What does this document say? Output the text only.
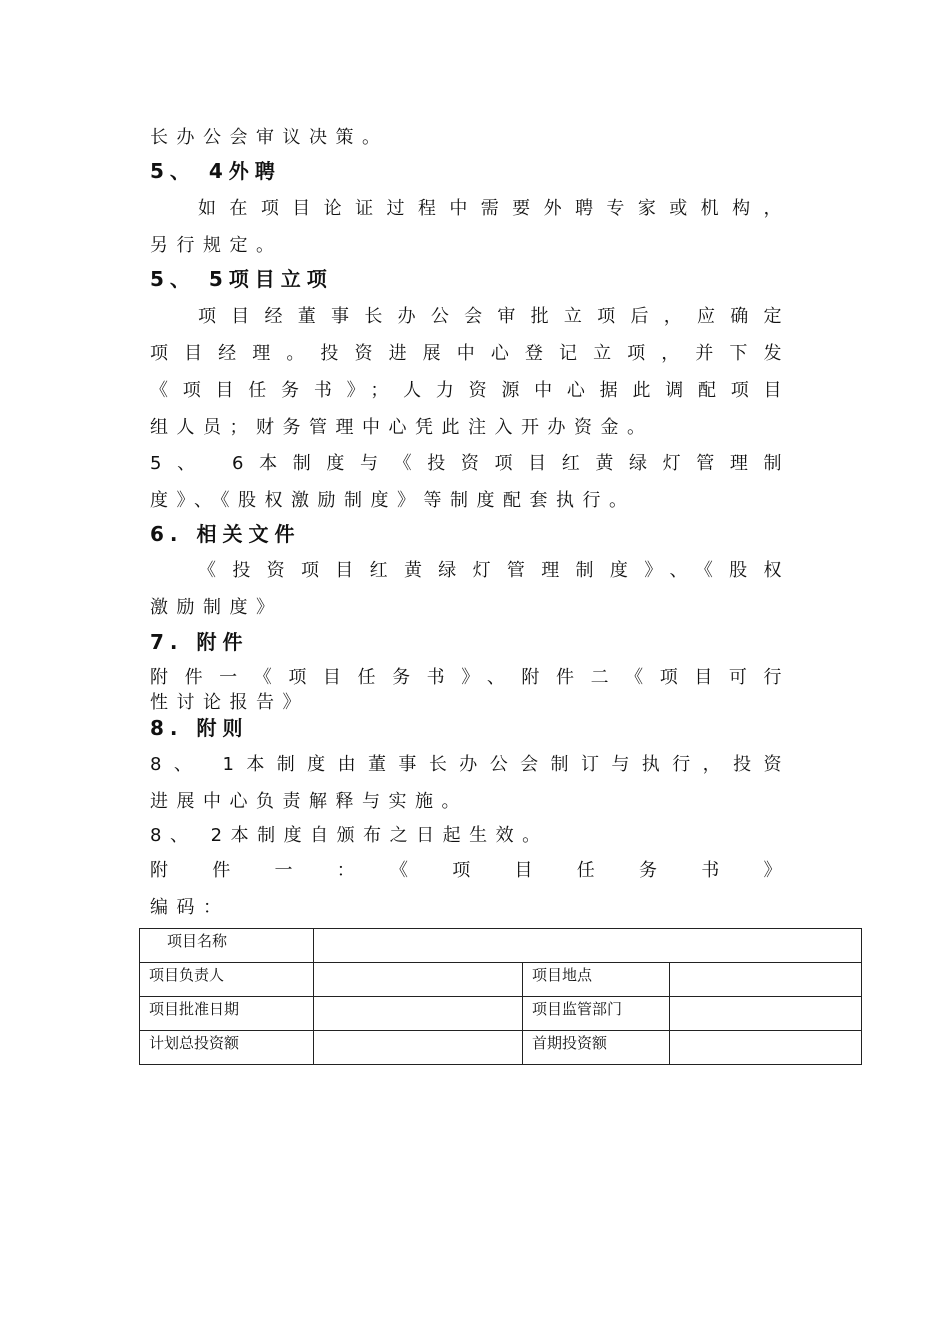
长办公会审议决策。
5、 4外聘
如在项目论证过程中需要外聘专家或机构，
另行规定。
5、 5项目立项
项目经董事长办公会审批立项后，应确定
项目经理。投资进展中心登记立项，并下发
《项目任务书》；人力资源中心据此调配项目
组人员；财务管理中心凭此注入开办资金。
5、 6本制度与《投资项目红黄绿灯管理制
度》、《股权激励制度》等制度配套执行。
6. 相关文件
《投资项目红黄绿灯管理制度》、《股权
激励制度》
7. 附件
附件一《项目任务书》、附件二《项目可行
性讨论报告》
8. 附则
8、 1本制度由董事长办公会制订与执行，投资
进展中心负责解释与实施。
8、 2本制度自颁布之日起生效。
附件一：《项目任务书》
编码：
项目名称			
项目负责人		项目地点	
项目批准日期		项目监管部门	
计划总投资额		首期投资额	
